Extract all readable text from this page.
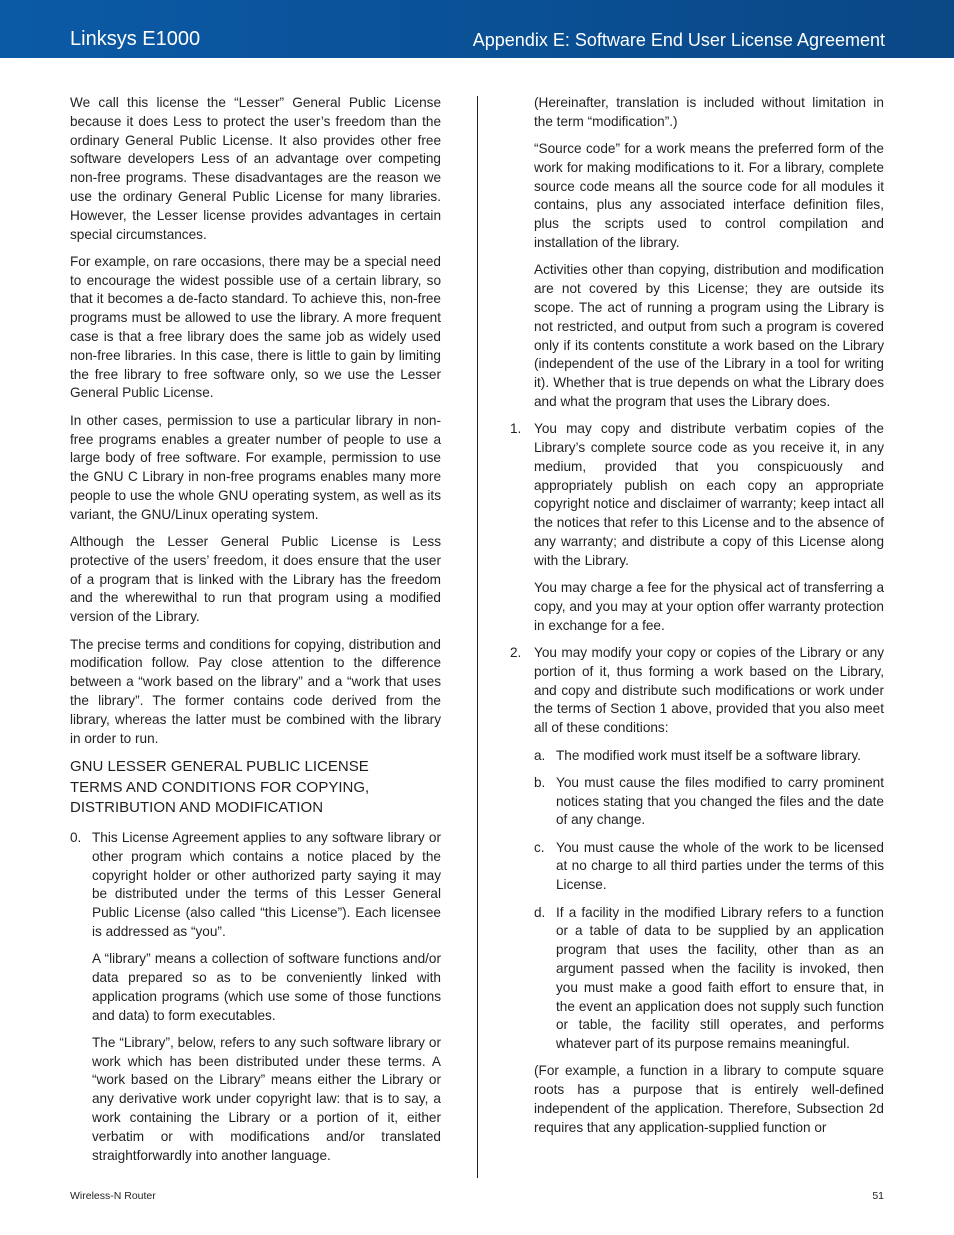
Linksys E1000	Appendix E: Software End User License Agreement

We call this license the “Lesser” General Public License because it does Less to protect the user’s freedom than the ordinary General Public License. It also provides other free software developers Less of an advantage over competing non-free programs. These disadvantages are the reason we use the ordinary General Public License for many libraries. However, the Lesser license provides advantages in certain special circumstances.

For example, on rare occasions, there may be a special need to encourage the widest possible use of a certain library, so that it becomes a de-facto standard. To achieve this, non-free programs must be allowed to use the library. A more frequent case is that a free library does the same job as widely used non-free libraries. In this case, there is little to gain by limiting the free library to free software only, so we use the Lesser General Public License.

In other cases, permission to use a particular library in non-free programs enables a greater number of people to use a large body of free software. For example, permission to use the GNU C Library in non-free programs enables many more people to use the whole GNU operating system, as well as its variant, the GNU/Linux operating system.

Although the Lesser General Public License is Less protective of the users’ freedom, it does ensure that the user of a program that is linked with the Library has the freedom and the wherewithal to run that program using a modified version of the Library.

The precise terms and conditions for copying, distribution and modification follow. Pay close attention to the difference between a “work based on the library” and a “work that uses the library”. The former contains code derived from the library, whereas the latter must be combined with the library in order to run.

GNU LESSER GENERAL PUBLIC LICENSE
TERMS AND CONDITIONS FOR COPYING,
DISTRIBUTION AND MODIFICATION
0. This License Agreement applies to any software library or other program which contains a notice placed by the copyright holder or other authorized party saying it may be distributed under the terms of this Lesser General Public License (also called “this License”). Each licensee is addressed as “you”.

A “library” means a collection of software functions and/or data prepared so as to be conveniently linked with application programs (which use some of those functions and data) to form executables.

The “Library”, below, refers to any such software library or work which has been distributed under these terms. A “work based on the Library” means either the Library or any derivative work under copyright law: that is to say, a work containing the Library or a portion of it, either verbatim or with modifications and/or translated straightforwardly into another language.

(Hereinafter, translation is included without limitation in the term “modification”.)

“Source code” for a work means the preferred form of the work for making modifications to it. For a library, complete source code means all the source code for all modules it contains, plus any associated interface definition files, plus the scripts used to control compilation and installation of the library.

Activities other than copying, distribution and modification are not covered by this License; they are outside its scope. The act of running a program using the Library is not restricted, and output from such a program is covered only if its contents constitute a work based on the Library (independent of the use of the Library in a tool for writing it). Whether that is true depends on what the Library does and what the program that uses the Library does.

1. You may copy and distribute verbatim copies of the Library’s complete source code as you receive it, in any medium, provided that you conspicuously and appropriately publish on each copy an appropriate copyright notice and disclaimer of warranty; keep intact all the notices that refer to this License and to the absence of any warranty; and distribute a copy of this License along with the Library.

You may charge a fee for the physical act of transferring a copy, and you may at your option offer warranty protection in exchange for a fee.

2. You may modify your copy or copies of the Library or any portion of it, thus forming a work based on the Library, and copy and distribute such modifications or work under the terms of Section 1 above, provided that you also meet all of these conditions:

a. The modified work must itself be a software library.

b. You must cause the files modified to carry prominent notices stating that you changed the files and the date of any change.

c. You must cause the whole of the work to be licensed at no charge to all third parties under the terms of this License.

d. If a facility in the modified Library refers to a function or a table of data to be supplied by an application program that uses the facility, other than as an argument passed when the facility is invoked, then you must make a good faith effort to ensure that, in the event an application does not supply such function or table, the facility still operates, and performs whatever part of its purpose remains meaningful.

(For example, a function in a library to compute square roots has a purpose that is entirely well-defined independent of the application. Therefore, Subsection 2d requires that any application-supplied function or

Wireless-N Router	51
